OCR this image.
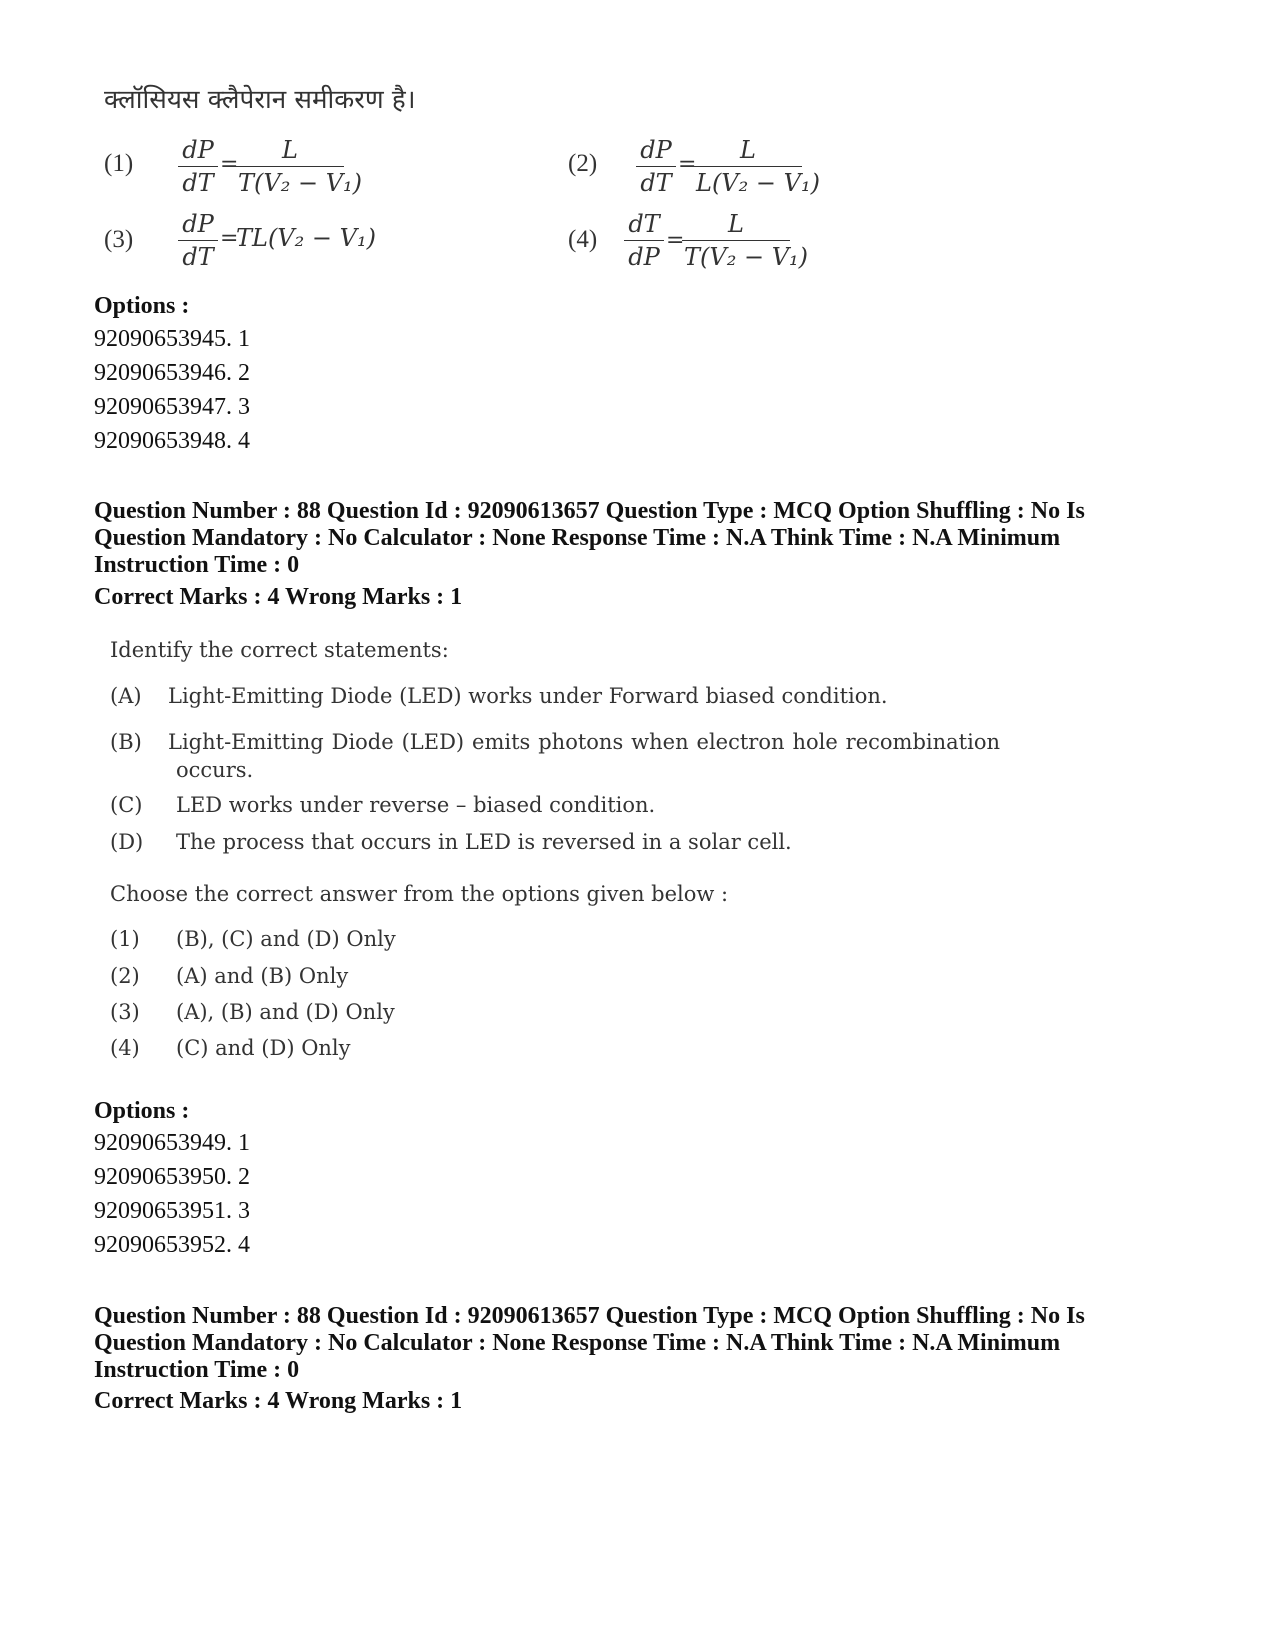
क्लॉसियस क्लैपेरान समीकरण है।
$(1) \frac{dP}{dT}$ =
$\frac{L}{\text{T(V₂ − V₁)}}$	$(2) \frac{dP}{dT}$ =
$\frac{L}{\text{L(V₂ − V₁)}}$
$(3) \frac{dP}{dT}$ =
TL(V₂ − V₁)	$(4) \frac{dT}{dP}$ =
$\frac{L}{\text{T(V₂ − V₁)}}$
Options :
92090653945. 1
92090653946. 2
92090653947. 3
92090653948. 4
Question Number : 88 Question Id : 92090613657 Question Type : MCQ Option Shuffling : No Is
Question Mandatory : No Calculator : None Response Time : N.A Think Time : N.A Minimum
Instruction Time : 0
Correct Marks : 4 Wrong Marks : 1
Identify the correct statements:
(A) Light-Emitting Diode (LED) works under Forward biased condition.
(B) Light-Emitting Diode (LED) emits photons when electron hole recombination
occurs.
(C) LED works under reverse – biased condition.
(D) The process that occurs in LED is reversed in a solar cell.
Choose the correct answer from the options given below :
(1) (B), (C) and (D) Only
(2) (A) and (B) Only
(3) (A), (B) and (D) Only
(4) (C) and (D) Only
Options :
92090653949. 1
92090653950. 2
92090653951. 3
92090653952. 4
Question Number : 88 Question Id : 92090613657 Question Type : MCQ Option Shuffling : No Is
Question Mandatory : No Calculator : None Response Time : N.A Think Time : N.A Minimum
Instruction Time : 0
Correct Marks : 4 Wrong Marks : 1
